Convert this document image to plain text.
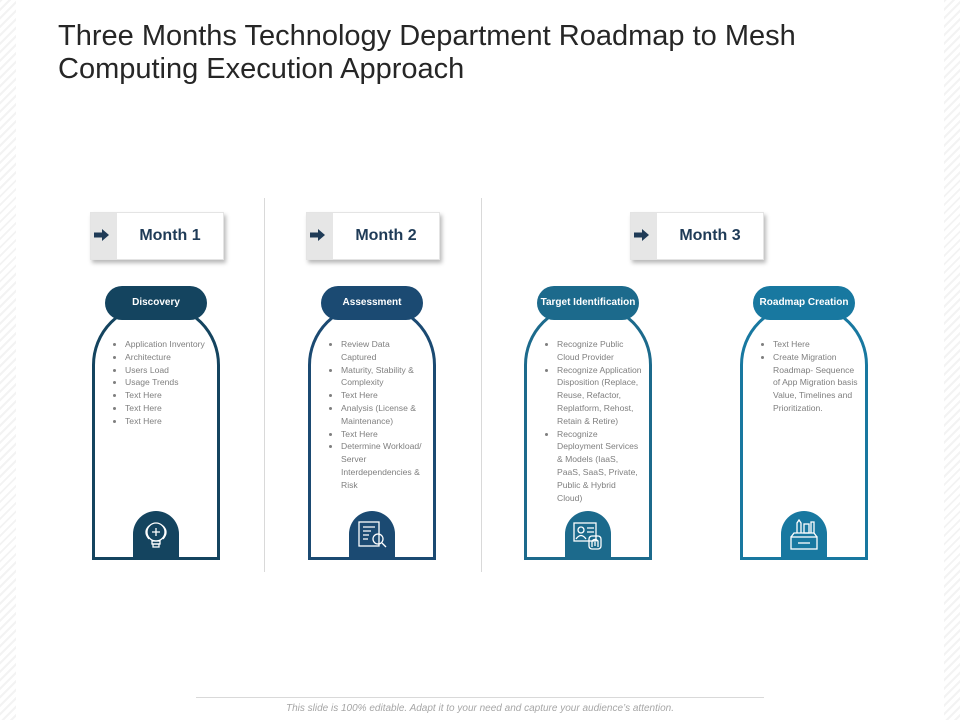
Three Months Technology Department Roadmap to Mesh Computing Execution Approach
Month 1	Month 2	Month 3
• Application Inventory
• Architecture
• Users Load
• Usage Trends
• Text Here
• Text Here
• Text Here
Discovery
• Review Data Captured
• Maturity, Stability & Complexity
• Text Here
• Analysis (License & Maintenance)
• Text Here
• Determine Workload/ Server Interdependencies & Risk
Assessment
• Recognize Public Cloud Provider
• Recognize Application Disposition (Replace, Reuse, Refactor, Replatform, Rehost, Retain & Retire)
• Recognize Deployment Services & Models (IaaS, PaaS, SaaS, Private, Public & Hybrid Cloud)
Target Identification
• Text Here
• Create Migration Roadmap- Sequence of App Migration basis Value, Timelines and Prioritization.
Roadmap Creation
This slide is 100% editable. Adapt it to your need and capture your audience’s attention.
